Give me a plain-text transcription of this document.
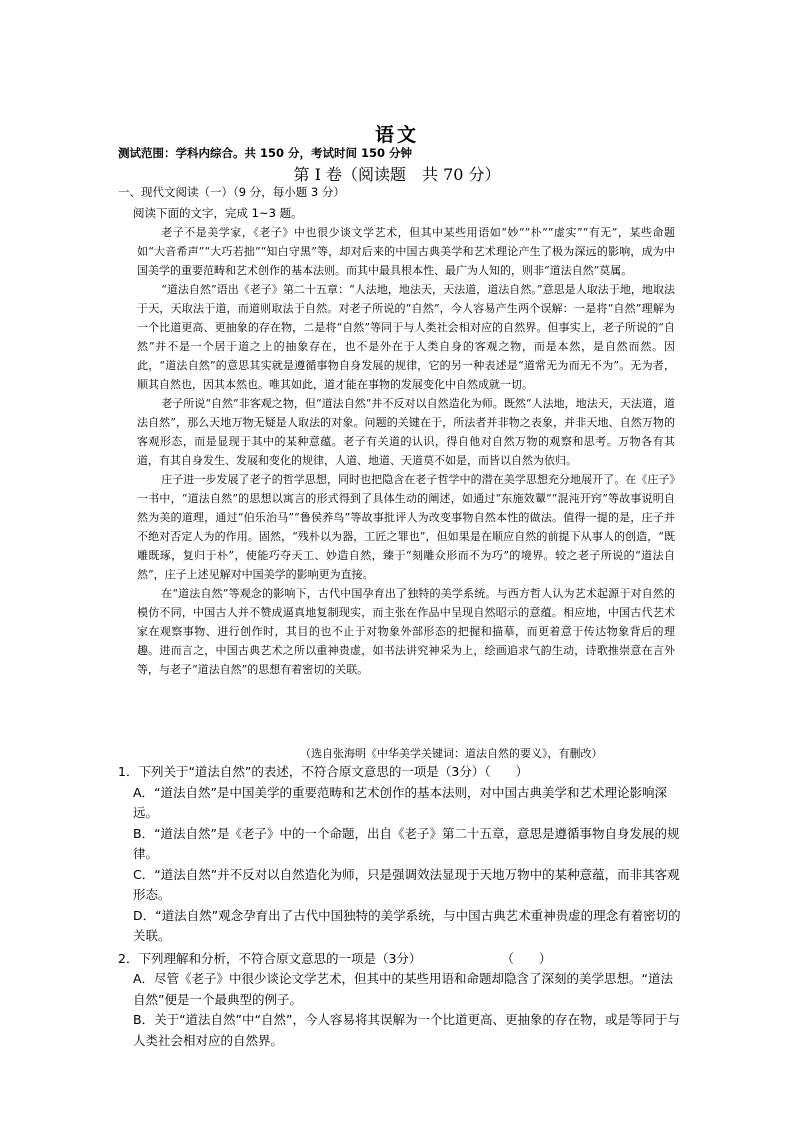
语文
测试范围：学科内综合。共 150 分，考试时间 150 分钟
第 I 卷（阅读题　共 70 分）
一、现代文阅读（一）（9 分，每小题 3 分）

阅读下面的文字，完成 1~3 题。

老子不是美学家，《老子》中也很少谈文学艺术，但其中某些用语如“妙”“朴”“虚实”“有无”，某些命题如“大音希声”“大巧若拙”“知白守黑”等，却对后来的中国古典美学和艺术理论产生了极为深远的影响，成为中国美学的重要范畴和艺术创作的基本法则。而其中最具根本性、最广为人知的，则非“道法自然”莫属。

“道法自然”语出《老子》第二十五章：“人法地，地法天，天法道，道法自然。”意思是人取法于地，地取法于天，天取法于道，而道则取法于自然。对老子所说的“自然”，今人容易产生两个误解：一是将“自然”理解为一个比道更高、更抽象的存在物，二是将“自然”等同于与人类社会相对应的自然界。但事实上，老子所说的“自然”并不是一个居于道之上的抽象存在，也不是外在于人类自身的客观之物，而是本然，是自然而然。因此，“道法自然”的意思其实就是遵循事物自身发展的规律，它的另一种表述是“道常无为而无不为”。无为者，顺其自然也，因其本然也。唯其如此，道才能在事物的发展变化中自然成就一切。

老子所说“自然”非客观之物，但“道法自然”并不反对以自然造化为师。既然“人法地，地法天，天法道，道法自然”，那么天地万物无疑是人取法的对象。问题的关键在于，所法者并非物之表象，并非天地、自然万物的客观形态，而是显现于其中的某种意蕴。老子有关道的认识，得自他对自然万物的观察和思考。万物各有其道，有其自身发生、发展和变化的规律，人道、地道、天道莫不如是，而皆以自然为依归。

庄子进一步发展了老子的哲学思想，同时也把隐含在老子哲学中的潜在美学思想充分地展开了。在《庄子》一书中，“道法自然”的思想以寓言的形式得到了具体生动的阐述，如通过“东施效颦”“混沌开窍”等故事说明自然为美的道理，通过“伯乐治马”“鲁侯养鸟”等故事批评人为改变事物自然本性的做法。值得一提的是，庄子并不绝对否定人为的作用。固然，“残朴以为器，工匠之罪也”，但如果是在顺应自然的前提下从事人的创造，“既雕既琢，复归于朴”，使能巧夺天工、妙造自然，臻于“刻雕众形而不为巧”的境界。较之老子所说的“道法自然”，庄子上述见解对中国美学的影响更为直接。

在“道法自然”等观念的影响下，古代中国孕育出了独特的美学系统。与西方哲人认为艺术起源于对自然的模仿不同，中国古人并不赞成逼真地复制现实，而主张在作品中呈现自然昭示的意蕴。相应地，中国古代艺术家在观察事物、进行创作时，其目的也不止于对物象外部形态的把握和描摹，而更着意于传达物象背后的理趣。进而言之，中国古典艺术之所以重神贵虚，如书法讲究神采为上，绘画追求气韵生动，诗歌推崇意在言外等，与老子“道法自然”的思想有着密切的关联。

（选自张海明《中华美学关键词：道法自然的要义》，有删改）

1．下列关于“道法自然”的表述，不符合原文意思的一项是（3分）（　　）

A．“道法自然”是中国美学的重要范畴和艺术创作的基本法则，对中国古典美学和艺术理论影响深远。

B．“道法自然”是《老子》中的一个命题，出自《老子》第二十五章，意思是遵循事物自身发展的规律。

C．“道法自然”并不反对以自然造化为师，只是强调效法显现于天地万物中的某种意蕴，而非其客观形态。

D．“道法自然”观念孕育出了古代中国独特的美学系统，与中国古典艺术重神贵虚的理念有着密切的关联。

2．下列理解和分析，不符合原文意思的一项是（3分）	（　　）

A．尽管《老子》中很少谈论文学艺术，但其中的某些用语和命题却隐含了深刻的美学思想。“道法自然”便是一个最典型的例子。

B．关于“道法自然”中“自然”，今人容易将其误解为一个比道更高、更抽象的存在物，或是等同于与人类社会相对应的自然界。
